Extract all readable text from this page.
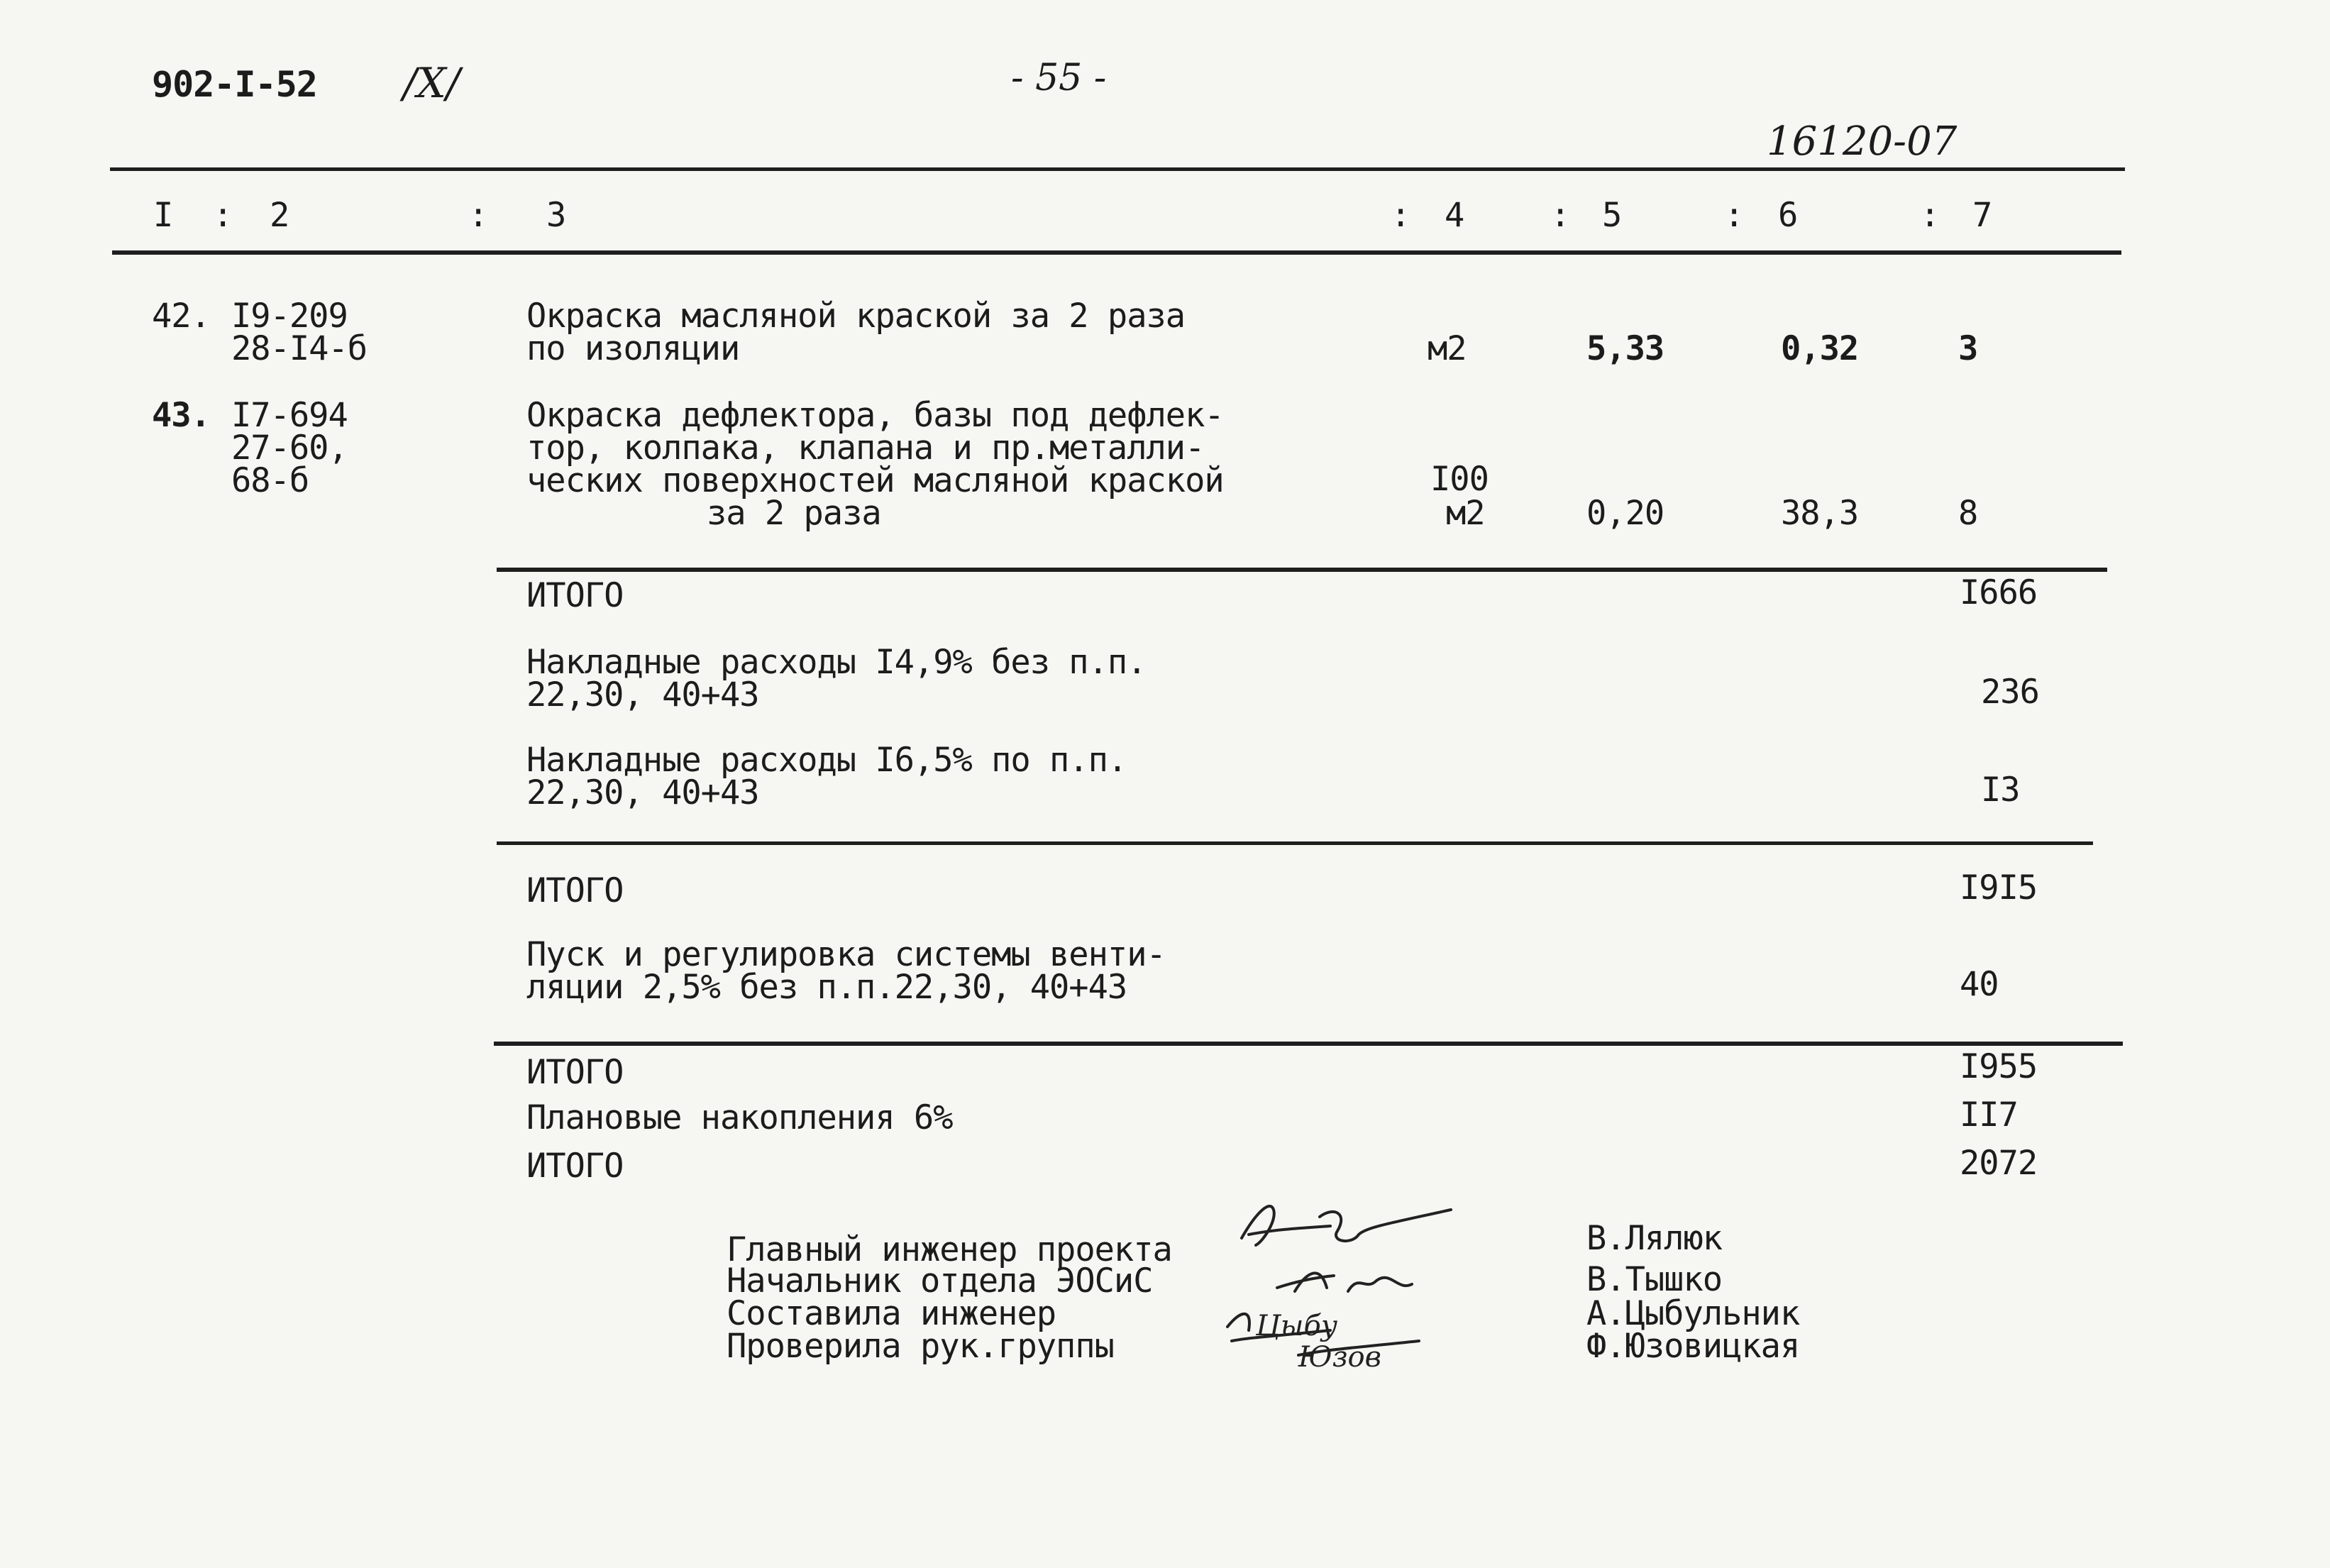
902-I-52 /X/	- 55 -
16120-07
I : 2	: 3	: 4	: 5	: 6	: 7
42. I9-209
28-I4-б
Окраска масляной краской за 2 раза
по изоляции	м2	5,33	0,32	3
43. I7-694
27-60,
68-б
Окраска дефлектора, базы под дефлек-
тор, колпака, клапана и пр.металли-
ческих поверхностей масляной краской
за 2 раза
I00
м2	0,20	38,3	8
ИТОГО	I666
Накладные расходы I4,9% без п.п.
22,30, 40+43	236
Накладные расходы I6,5% по п.п.
22,30, 40+43	I3
ИТОГО	I9I5
Пуск и регулировка системы венти-
ляции 2,5% без п.п.22,30, 40+43	40
ИТОГО	I955
Плановые накопления 6%	II7
ИТОГО	2072
Главный инженер проекта
Начальник отдела ЭОСиС
Составила инженер
Проверила рук.группы
Цыбу
Юзов
В.Лялюк
В.Тышко
А.Цыбульник
Ф.Юзовицкая
